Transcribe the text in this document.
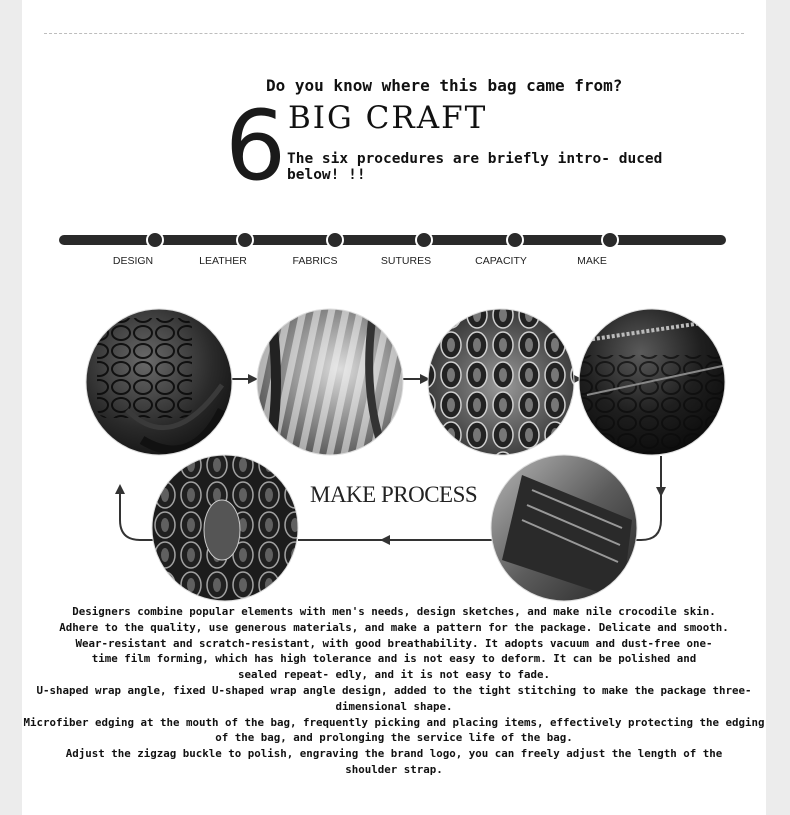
Do you know where this bag came from?
6 BIG CRAFT
The six procedures are briefly intro- duced below! !!
DESIGN	LEATHER	FABRICS	SUTURES	CAPACITY	MAKE
MAKE PROCESS

Designers combine popular elements with men's needs, design sketches, and make nile crocodile skin.

Adhere to the quality, use generous materials, and make a pattern for the package. Delicate and smooth.

Wear-resistant and scratch-resistant, with good breathability. It adopts vacuum and dust-free one-time film forming, which has high tolerance and is not easy to deform. It can be polished and sealed repeat- edly, and it is not easy to fade.

U-shaped wrap angle, fixed U-shaped wrap angle design, added to the tight stitching to make the package three-dimensional shape.

Microfiber edging at the mouth of the bag, frequently picking and placing items, effectively protecting the edging of the bag, and prolonging the service life of the bag.

Adjust the zigzag buckle to polish, engraving the brand logo, you can freely adjust the length of the shoulder strap.
